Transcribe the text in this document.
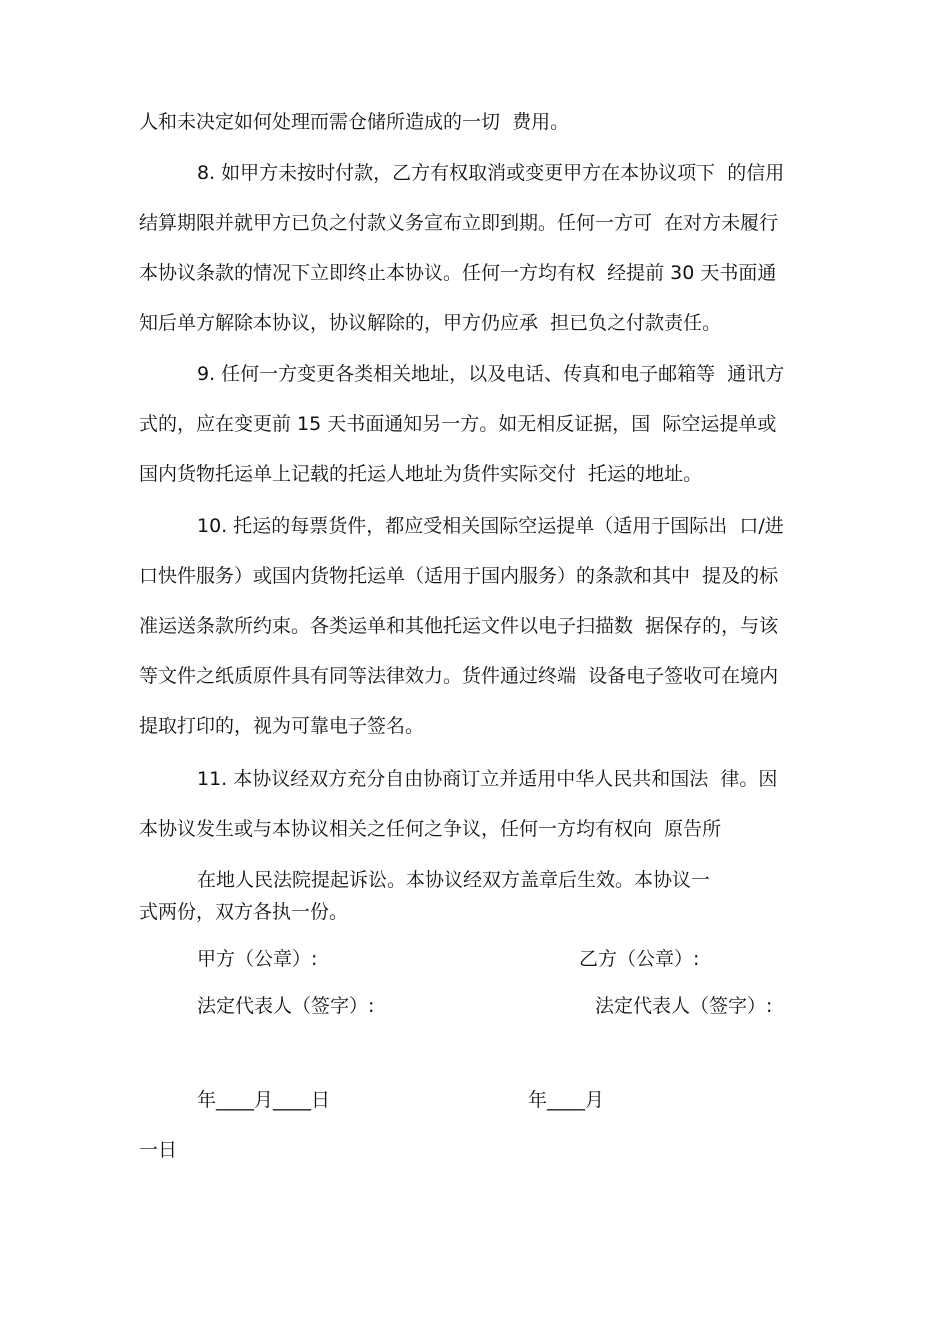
人和未决定如何处理而需仓储所造成的一切  费用。
8. 如甲方未按时付款，乙方有权取消或变更甲方在本协议项下  的信用
结算期限并就甲方已负之付款义务宣布立即到期。任何一方可  在对方未履行
本协议条款的情况下立即终止本协议。任何一方均有权  经提前 30 天书面通
知后单方解除本协议，协议解除的，甲方仍应承  担已负之付款责任。
9. 任何一方变更各类相关地址，以及电话、传真和电子邮箱等  通讯方
式的，应在变更前 15 天书面通知另一方。如无相反证据，国  际空运提单或
国内货物托运单上记载的托运人地址为货件实际交付  托运的地址。
10. 托运的每票货件，都应受相关国际空运提单（适用于国际出  口/进
口快件服务）或国内货物托运单（适用于国内服务）的条款和其中  提及的标
准运送条款所约束。各类运单和其他托运文件以电子扫描数  据保存的，与该
等文件之纸质原件具有同等法律效力。货件通过终端  设备电子签收可在境内
提取打印的，视为可靠电子签名。
11. 本协议经双方充分自由协商订立并适用中华人民共和国法  律。因
本协议发生或与本协议相关之任何之争议，任何一方均有权向  原告所
在地人民法院提起诉讼。本协议经双方盖章后生效。本协议一
式两份，双方各执一份。
甲方（公章）:	乙方（公章）:
法定代表人（签字）:	法定代表人（签字）:
年____月____日	年____月
一日
